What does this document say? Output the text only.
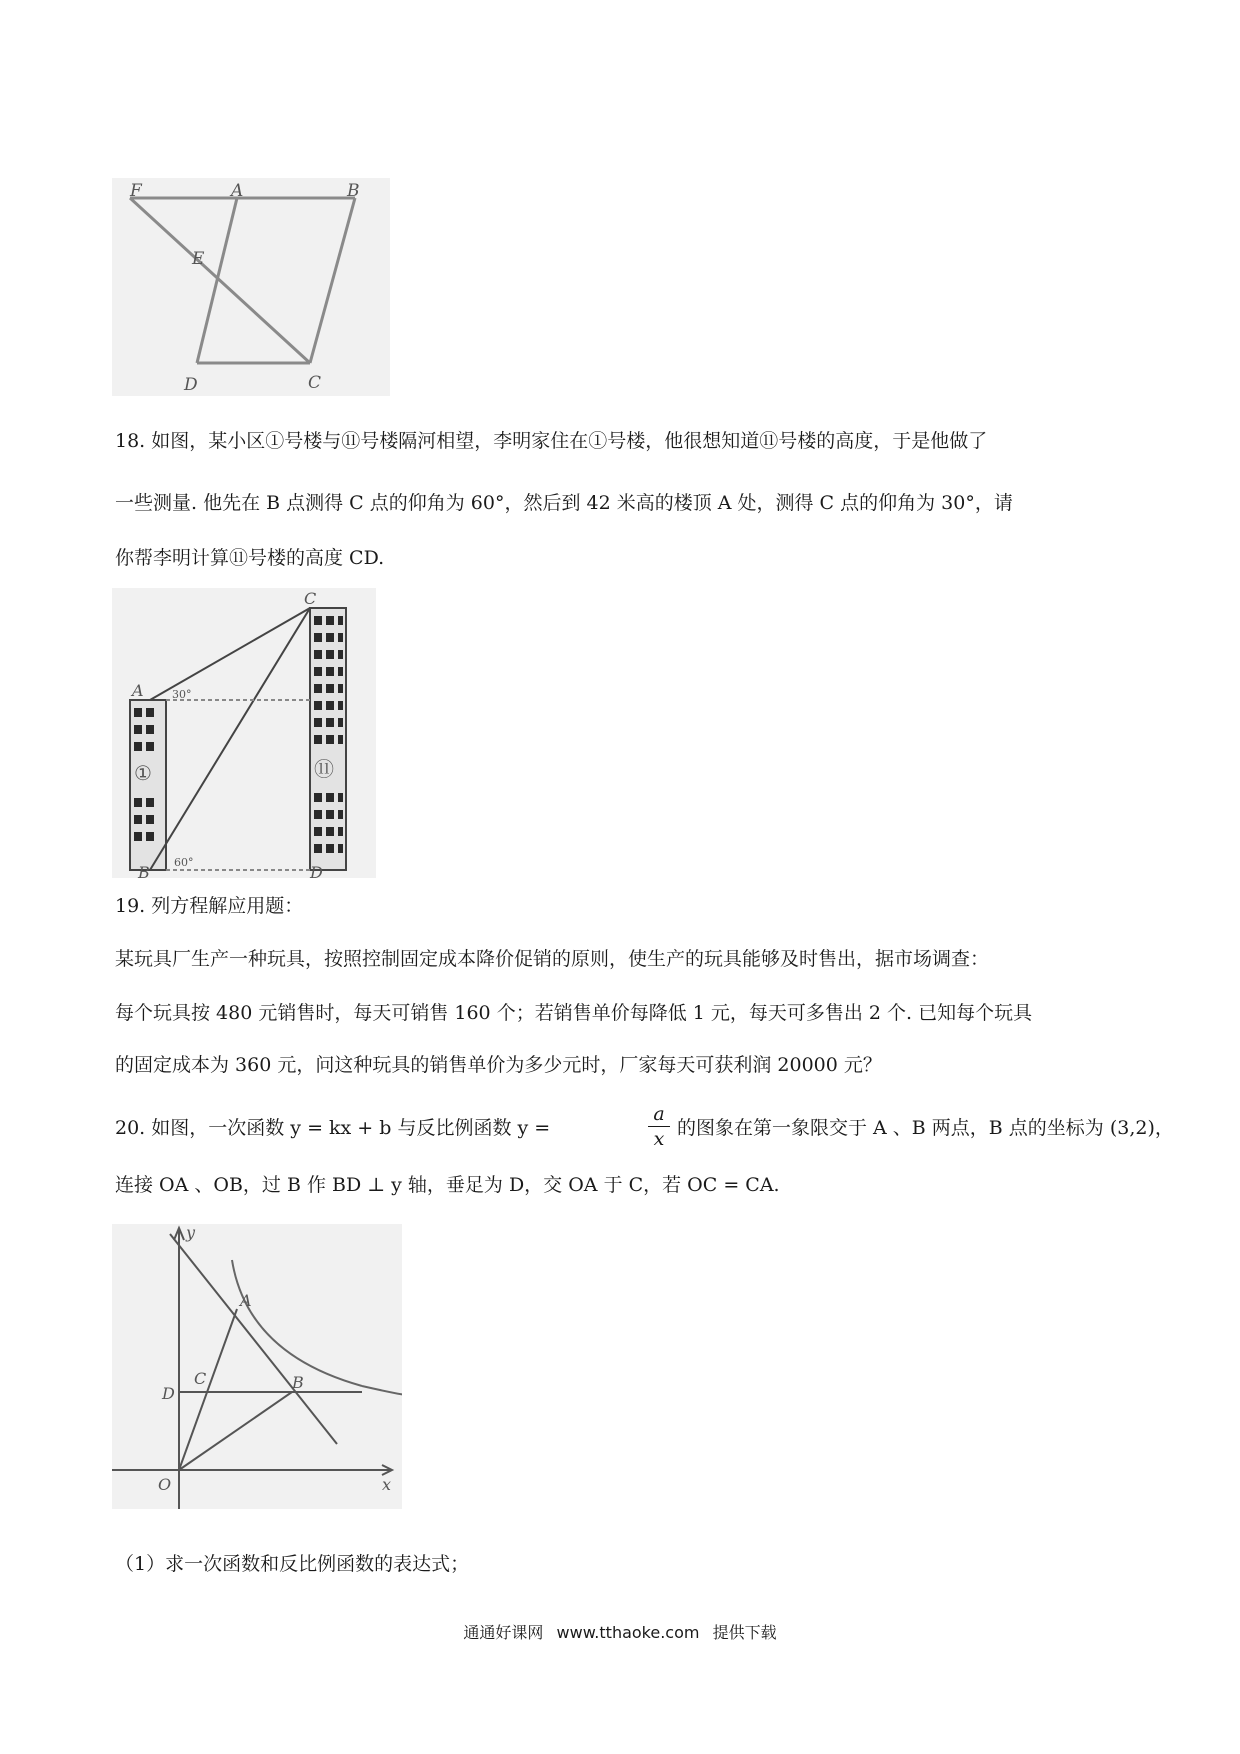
F	A	B
E
D	C
18. 如图，某小区①号楼与⑪号楼隔河相望，李明家住在①号楼，他很想知道⑪号楼的高度，于是他做了
一些测量. 他先在 B 点测得 C 点的仰角为 60°，然后到 42 米高的楼顶 A 处，测得 C 点的仰角为 30°，请
你帮李明计算⑪号楼的高度 CD.
①	⑪
C
A	30°
60°
B	D
19. 列方程解应用题：
某玩具厂生产一种玩具，按照控制固定成本降价促销的原则，使生产的玩具能够及时售出，据市场调查：
每个玩具按 480 元销售时，每天可销售 160 个；若销售单价每降低 1 元，每天可多售出 2 个. 已知每个玩具
的固定成本为 360 元，问这种玩具的销售单价为多少元时，厂家每天可获利润 20000 元？
20. 如图，一次函数 y = kx + b 与反比例函数 y =	$\frac{a}{x}$ 的图象在第一象限交于 A 、B 两点，B 点的坐标为 (3,2)，
连接 OA 、OB，过 B 作 BD ⊥ y 轴，垂足为 D，交 OA 于 C，若 OC = CA.
y
x
O
A
B
C
D
（1）求一次函数和反比例函数的表达式；
通通好课网 www.tthaoke.com 提供下载
